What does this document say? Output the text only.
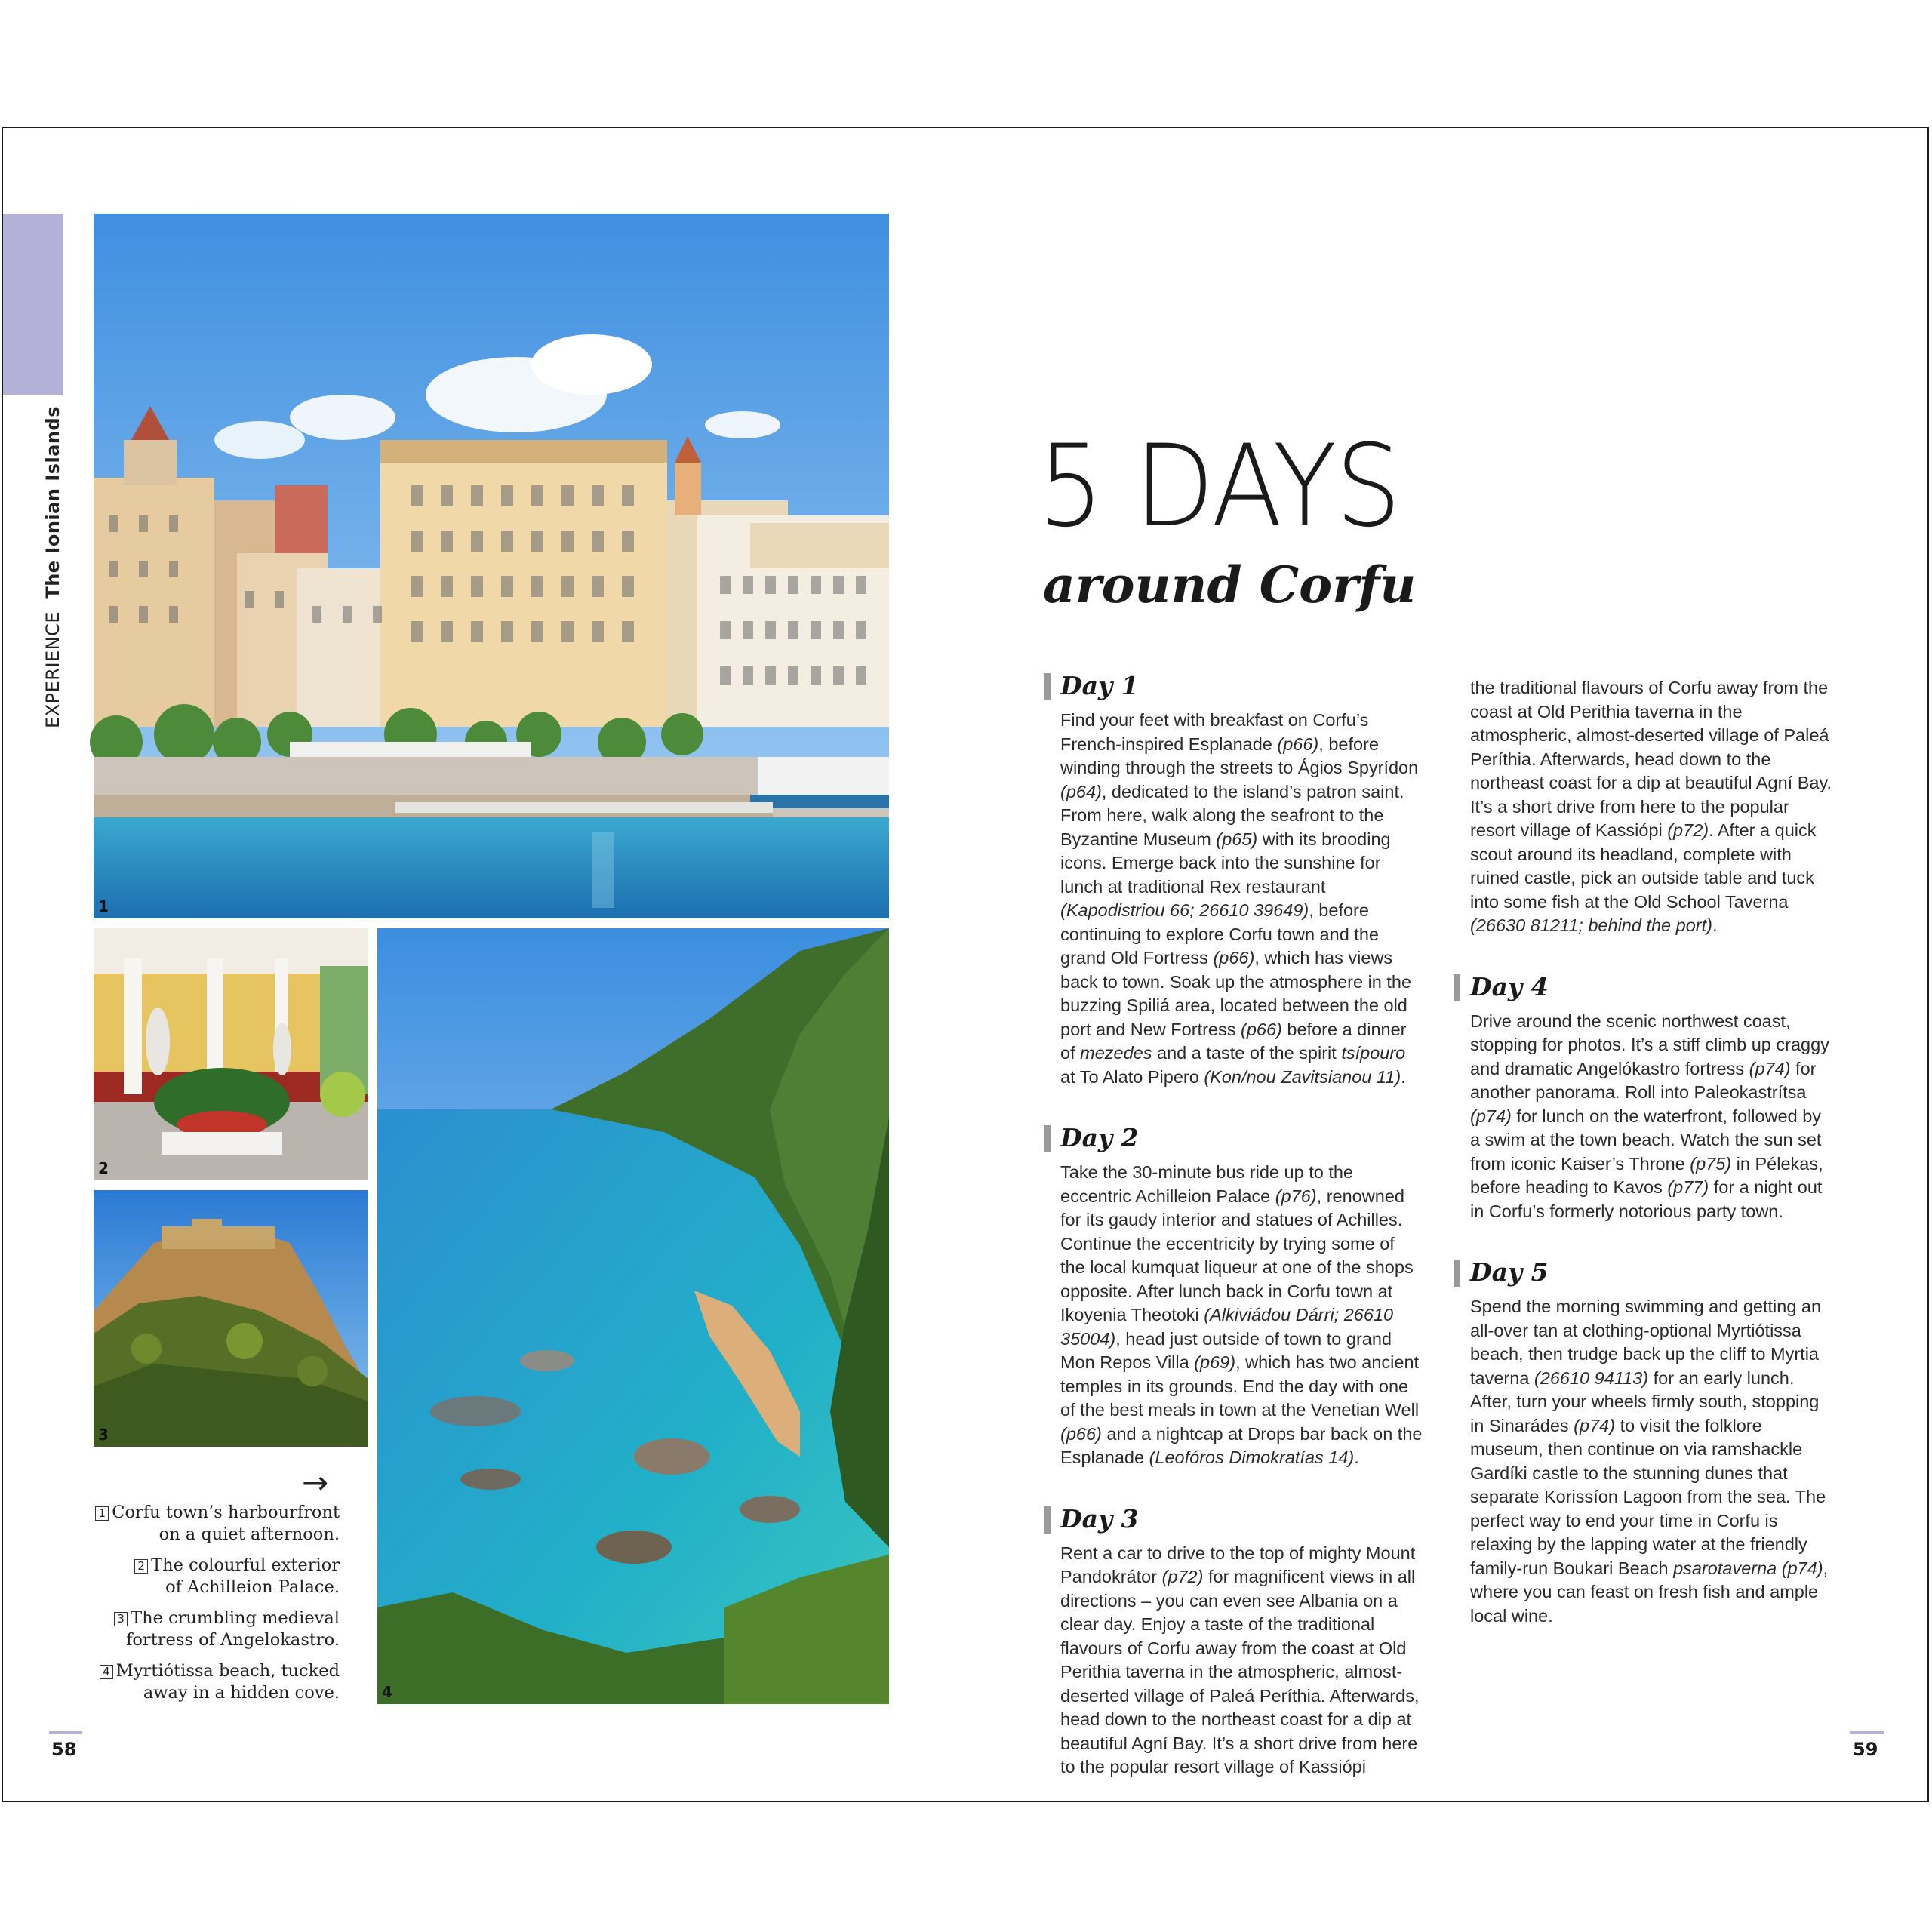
EXPERIENCE  The Ionian Islands
1
2
3
4
→
1 Corfu town’s harbourfront
on a quiet afternoon.
2 The colourful exterior
of Achilleion Palace.
3 The crumbling medieval
fortress of Angelokastro.
4 Myrtiótissa beach, tucked
away in a hidden cove.
5 DAYS
around Corfu
Day 1

Find your feet with breakfast on Corfu’s French-inspired Esplanade (p66), before winding through the streets to Ágios Spyrídon (p64), dedicated to the island’s patron saint. From here, walk along the seafront to the Byzantine Museum (p65) with its brooding icons. Emerge back into the sunshine for lunch at traditional Rex restaurant (Kapodistriou 66; 26610 39649), before continuing to explore Corfu town and the grand Old Fortress (p66), which has views back to town. Soak up the atmosphere in the buzzing Spiliá area, located between the old port and New Fortress (p66) before a dinner of mezedes and a taste of the spirit tsípouro at To Alato Pipero (Kon/nou Zavitsianou 11).

Day 2

Take the 30-minute bus ride up to the eccentric Achilleion Palace (p76), renowned for its gaudy interior and statues of Achilles. Continue the eccentricity by trying some of the local kumquat liqueur at one of the shops opposite. After lunch back in Corfu town at Ikoyenia Theotoki (Alkiviádou Dárri; 26610 35004), head just outside of town to grand Mon Repos Villa (p69), which has two ancient temples in its grounds. End the day with one of the best meals in town at the Venetian Well (p66) and a nightcap at Drops bar back on the Esplanade (Leofóros Dimokratías 14).

Day 3

Rent a car to drive to the top of mighty Mount Pandokrátor (p72) for magnificent views in all directions – you can even see Albania on a clear day. Enjoy a taste of the traditional flavours of Corfu away from the coast at Old Perithia taverna in the atmospheric, almost-deserted village of Paleá Períthia. Afterwards, head down to the northeast coast for a dip at beautiful Agní Bay. It’s a short drive from here to the popular resort village of Kassiópi

the traditional flavours of Corfu away from the coast at Old Perithia taverna in the atmospheric, almost-deserted village of Paleá Períthia. Afterwards, head down to the northeast coast for a dip at beautiful Agní Bay. It’s a short drive from here to the popular resort village of Kassiópi (p72). After a quick scout around its headland, complete with ruined castle, pick an outside table and tuck into some fish at the Old School Taverna (26630 81211; behind the port).

Day 4

Drive around the scenic northwest coast, stopping for photos. It’s a stiff climb up craggy and dramatic Angelókastro fortress (p74) for another panorama. Roll into Paleokastrítsa (p74) for lunch on the waterfront, followed by a swim at the town beach. Watch the sun set from iconic Kaiser’s Throne (p75) in Pélekas, before heading to Kavos (p77) for a night out in Corfu’s formerly notorious party town.

Day 5

Spend the morning swimming and getting an all-over tan at clothing-optional Myrtiótissa beach, then trudge back up the cliff to Myrtia taverna (26610 94113) for an early lunch. After, turn your wheels firmly south, stopping in Sinarádes (p74) to visit the folklore museum, then continue on via ramshackle Gardíki castle to the stunning dunes that separate Korissíon Lagoon from the sea. The perfect way to end your time in Corfu is relaxing by the lapping water at the friendly family-run Boukari Beach psarotaverna (p74), where you can feast on fresh fish and ample local wine.

58	59
